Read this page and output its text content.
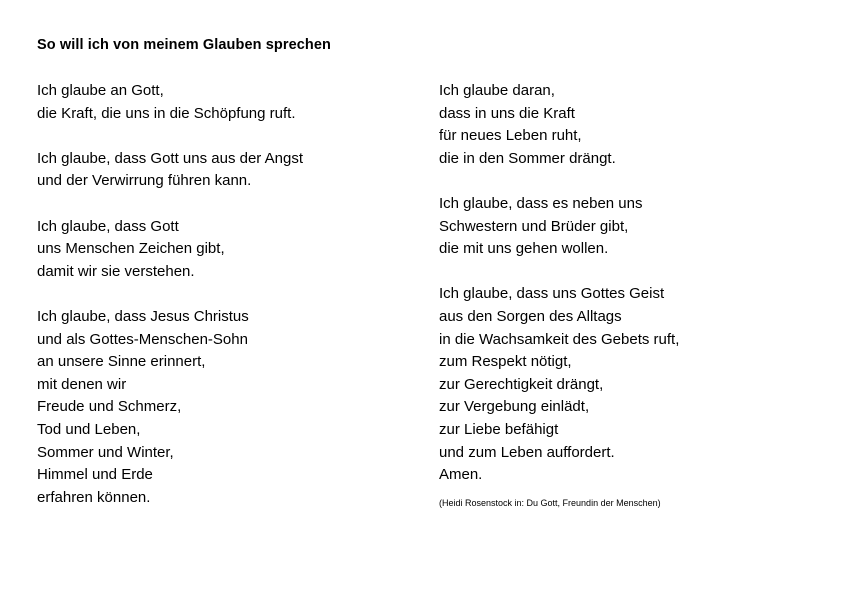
So will ich von meinem Glauben sprechen
Ich glaube an Gott,
die Kraft, die uns in die Schöpfung ruft.
Ich glaube, dass Gott uns aus der Angst
und der Verwirrung führen kann.
Ich glaube, dass Gott
uns Menschen Zeichen gibt,
damit wir sie verstehen.
Ich glaube, dass Jesus Christus
und als Gottes-Menschen-Sohn
an unsere Sinne erinnert,
mit denen wir
Freude und Schmerz,
Tod und Leben,
Sommer und Winter,
Himmel und Erde
erfahren können.
Ich glaube daran,
dass in uns die Kraft
für neues Leben ruht,
die in den Sommer drängt.
Ich glaube, dass es neben uns
Schwestern und Brüder gibt,
die mit uns gehen wollen.
Ich glaube, dass uns Gottes Geist
aus den Sorgen des Alltags
in die Wachsamkeit des Gebets ruft,
zum Respekt nötigt,
zur Gerechtigkeit drängt,
zur Vergebung einlädt,
zur Liebe befähigt
und zum Leben auffordert.
Amen.
(Heidi Rosenstock in: Du Gott, Freundin der Menschen)
